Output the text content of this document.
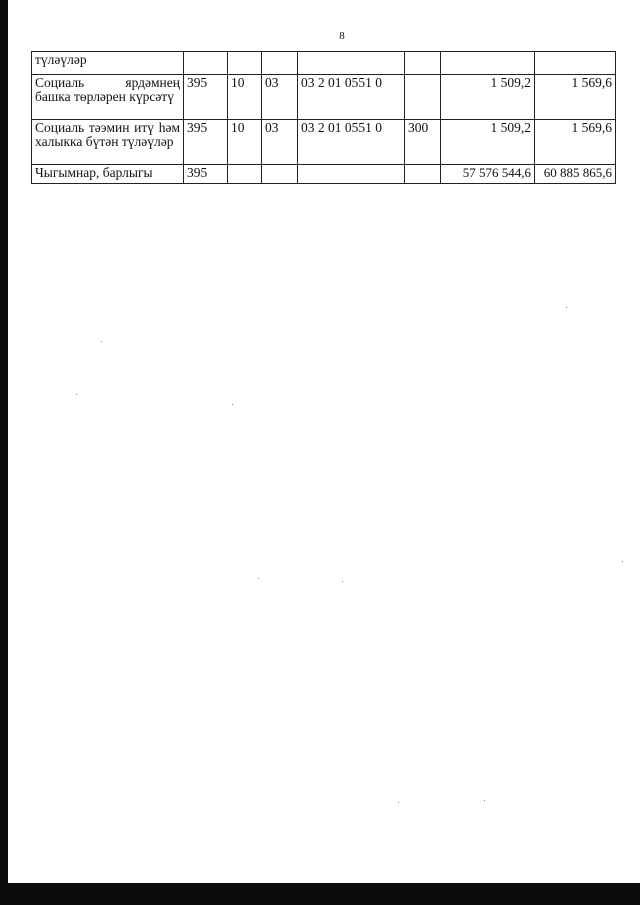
8
түләүләр							
Социаль ярдәмнең башка төрләрен күрсәтү	395	10	03	03 2 01 0551 0		1 509,2	1 569,6
Социаль тәэмин итү һәм халыкка бүтән түләүләр	395	10	03	03 2 01 0551 0	300	1 509,2	1 569,6
Чыгымнар, барлыгы	395					57 576 544,6	60 885 865,6
